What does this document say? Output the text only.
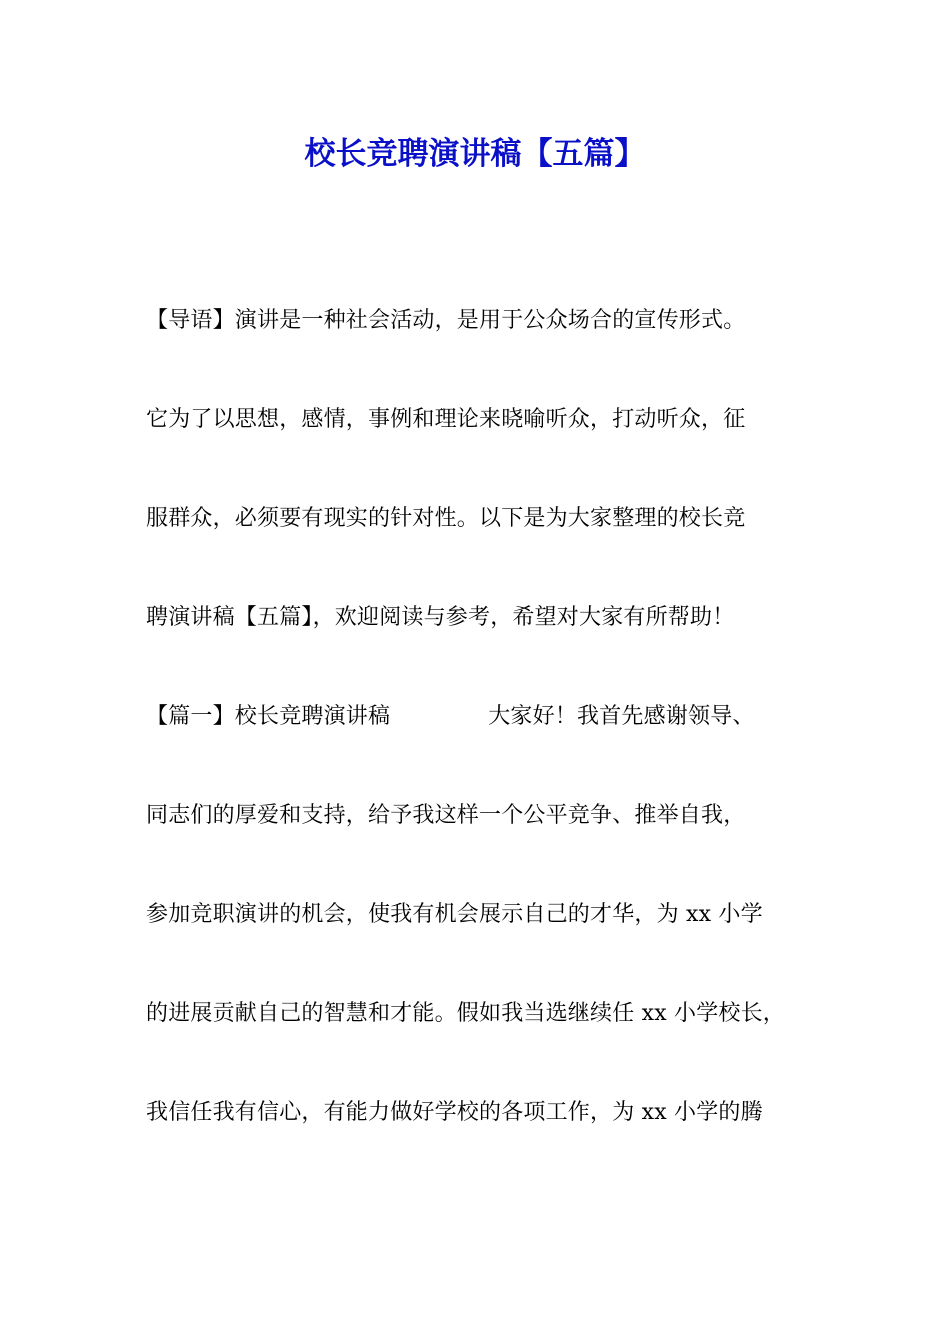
校长竞聘演讲稿【五篇】
【导语】演讲是一种社会活动，是用于公众场合的宣传形式。
它为了以思想，感情，事例和理论来晓喻听众，打动听众，征
服群众，必须要有现实的针对性。以下是为大家整理的校长竞
聘演讲稿【五篇】，欢迎阅读与参考，希望对大家有所帮助！
【篇一】校长竞聘演讲稿	大家好！我首先感谢领导、
同志们的厚爱和支持，给予我这样一个公平竞争、推举自我，
参加竞职演讲的机会，使我有机会展示自己的才华，为 xx 小学
的进展贡献自己的智慧和才能。假如我当选继续任 xx 小学校长，
我信任我有信心，有能力做好学校的各项工作，为 xx 小学的腾
